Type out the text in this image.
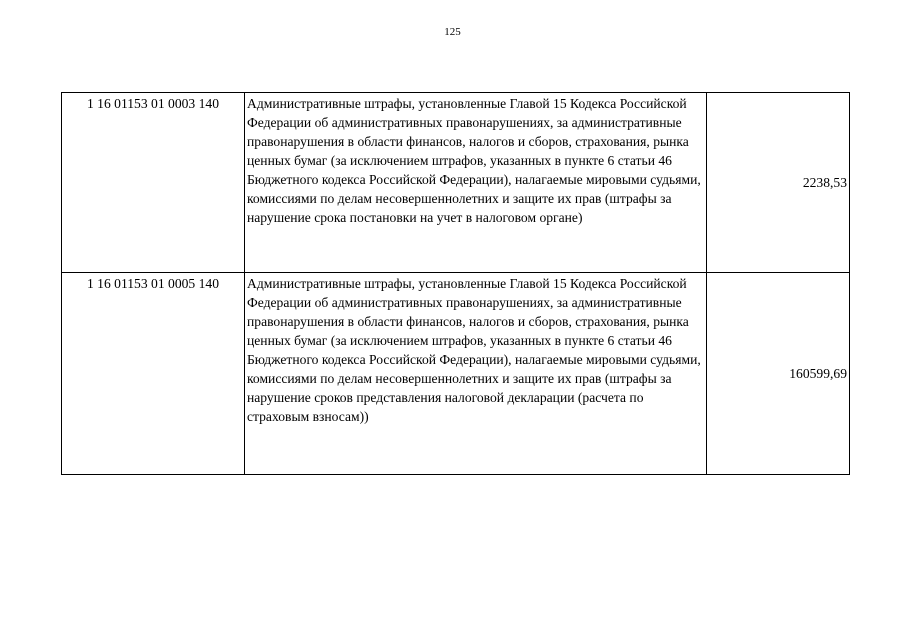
125
1 16 01153 01 0003 140	Административные штрафы, установленные Главой 15 Кодекса Российской Федерации об административных правонарушениях, за административные правонарушения в области финансов, налогов и сборов, страхования, рынка ценных бумаг (за исключением штрафов, указанных в пункте 6 статьи 46 Бюджетного кодекса Российской Федерации), налагаемые мировыми судьями, комиссиями по делам несовершеннолетних и защите их прав (штрафы за нарушение срока постановки на учет в налоговом органе)	2238,53
1 16 01153 01 0005 140	Административные штрафы, установленные Главой 15 Кодекса Российской Федерации об административных правонарушениях, за административные правонарушения в области финансов, налогов и сборов, страхования, рынка ценных бумаг (за исключением штрафов, указанных в пункте 6 статьи 46 Бюджетного кодекса Российской Федерации), налагаемые мировыми судьями, комиссиями по делам несовершеннолетних и защите их прав (штрафы за нарушение сроков представления налоговой декларации (расчета по страховым взносам))	160599,69
